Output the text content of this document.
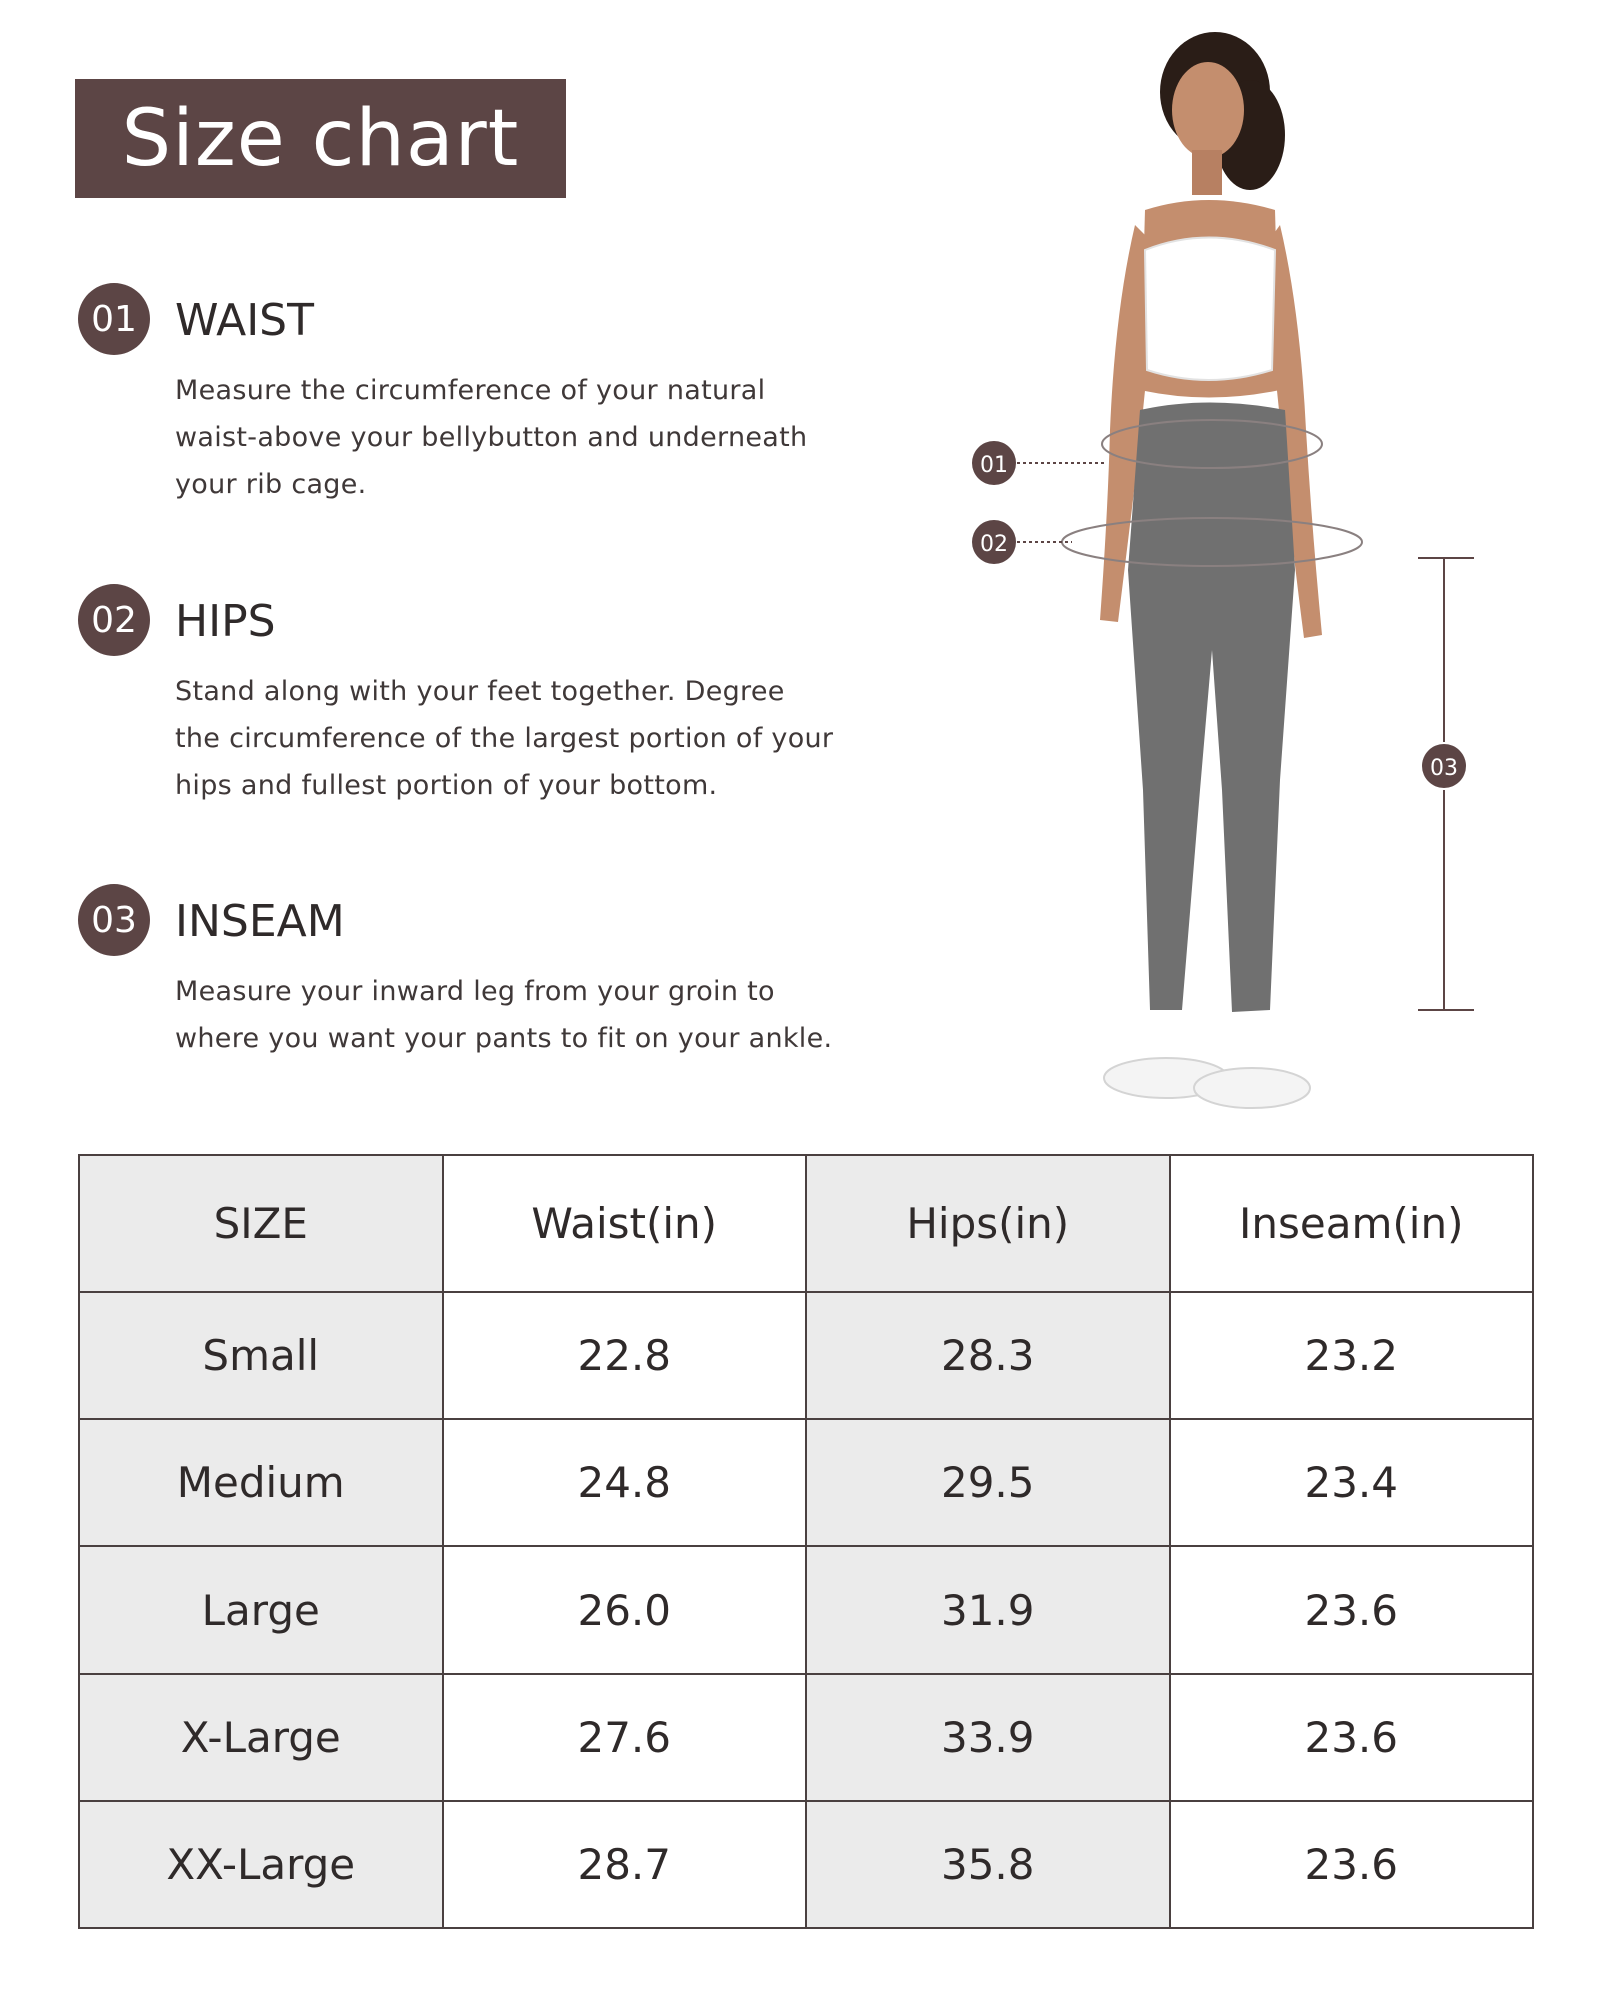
Size chart
01 WAIST
Measure the circumference of your natural
waist-above your bellybutton and underneath
your rib cage.
02 HIPS
Stand along with your feet together. Degree
the circumference of the largest portion of your
hips and fullest portion of your bottom.
03 INSEAM
Measure your inward leg from your groin to
where you want your pants to fit on your ankle.
01
02
03
SIZE	Waist(in)	Hips(in)	Inseam(in)
Small	22.8	28.3	23.2
Medium	24.8	29.5	23.4
Large	26.0	31.9	23.6
X-Large	27.6	33.9	23.6
XX-Large	28.7	35.8	23.6
